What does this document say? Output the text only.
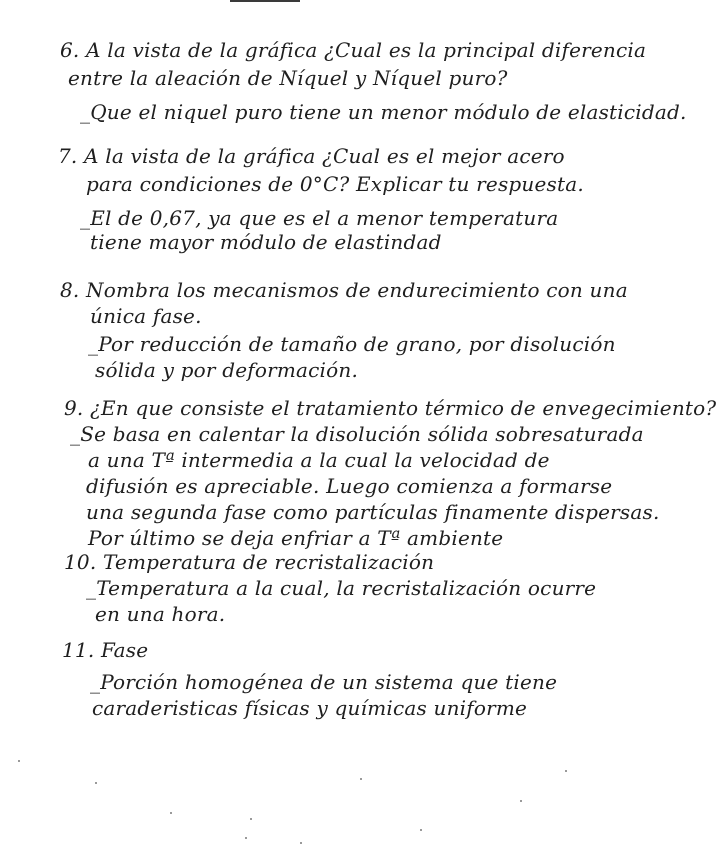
6. A la vista de la gráfica ¿Cual es la principal diferencia
entre la aleación de Níquel y Níquel puro?
_Que el niquel puro tiene un menor módulo de elasticidad.
7. A la vista de la gráfica ¿Cual es el mejor acero
para condiciones de 0°C? Explicar tu respuesta.
_El de 0,67, ya que es el a menor temperatura
tiene mayor módulo de elastindad
8. Nombra los mecanismos de endurecimiento con una
única fase.
_Por reducción de tamaño de grano, por disolución
sólida y por deformación.
9. ¿En que consiste el tratamiento térmico de envegecimiento?
_Se basa en calentar la disolución sólida sobresaturada
a una Tª intermedia a la cual la velocidad de
difusión es apreciable. Luego comienza a formarse
una segunda fase como partículas finamente dispersas.
Por último se deja enfriar a Tª ambiente
10. Temperatura de recristalización
_Temperatura a la cual, la recristalización ocurre
en una hora.
11. Fase
_Porción homogénea de un sistema que tiene
caraderisticas físicas y químicas uniforme
